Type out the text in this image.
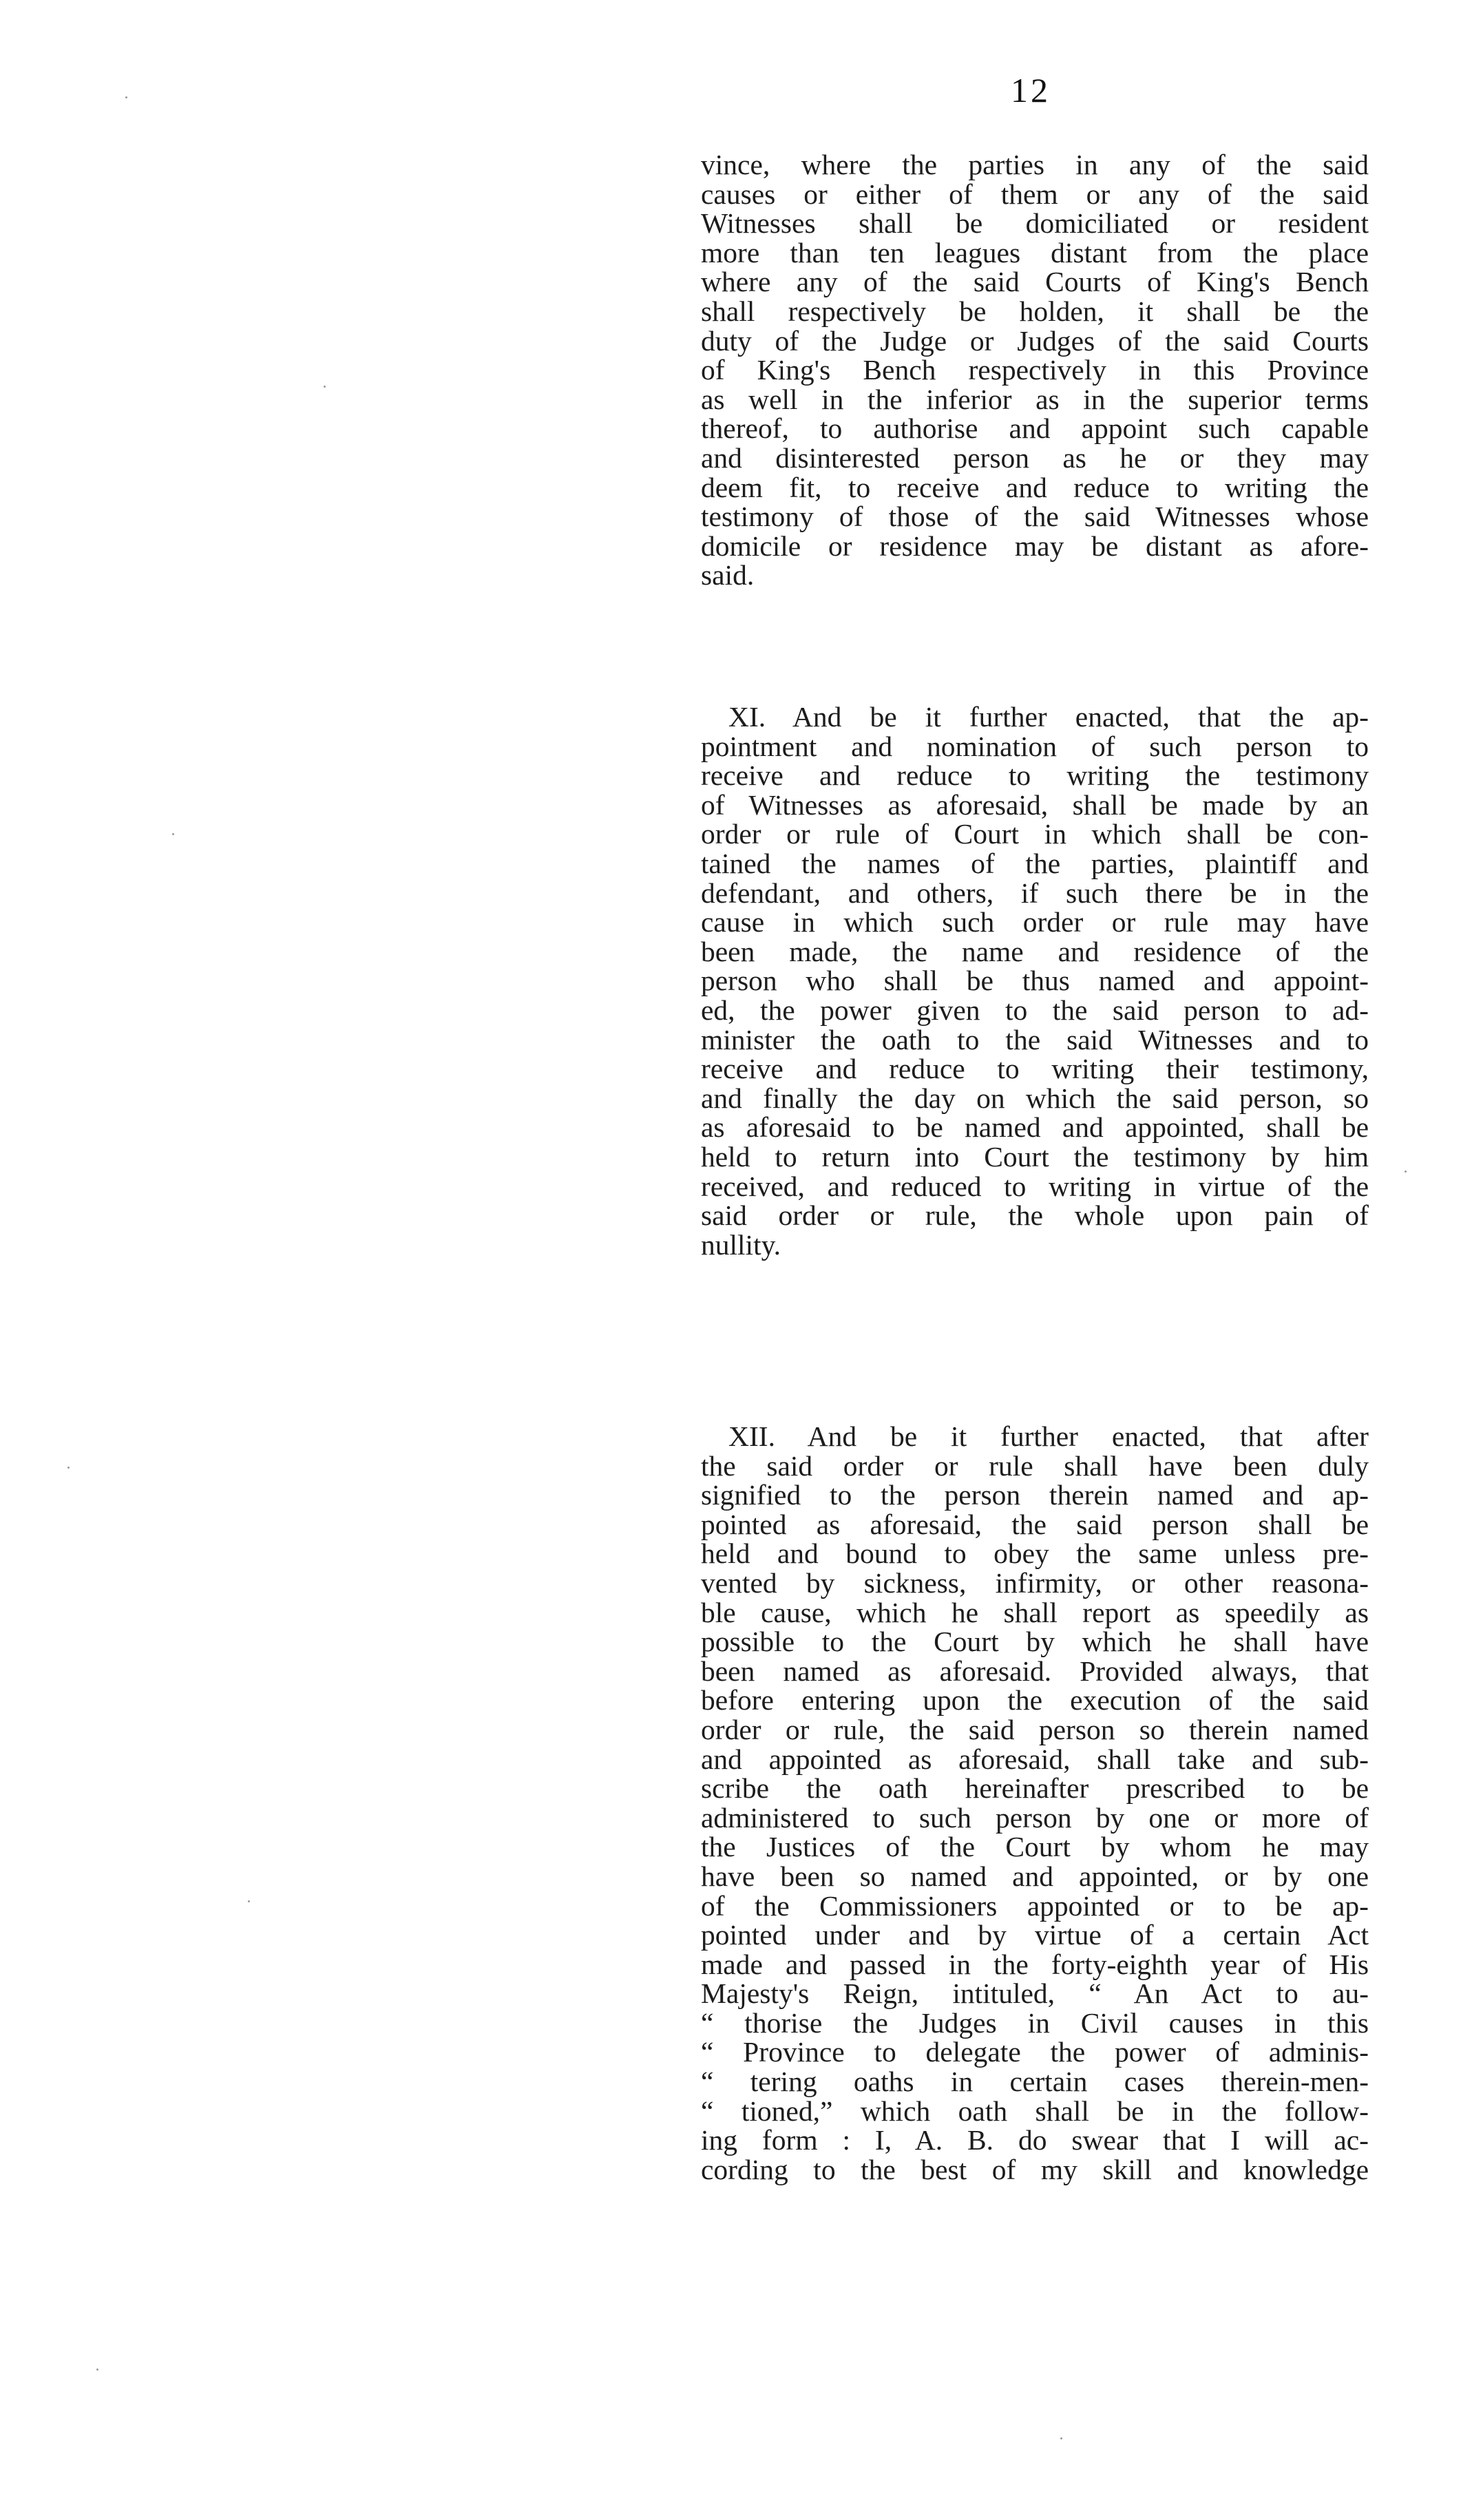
12
vince, where the parties in any of the said
causes or either of them or any of the said
Witnesses shall be domiciliated or resident
more than ten leagues distant from the place
where any of the said Courts of King's Bench
shall respectively be holden, it shall be the
duty of the Judge or Judges of the said Courts
of King's Bench respectively in this Province
as well in the inferior as in the superior terms
thereof, to authorise and appoint such capable
and disinterested person as he or they may
deem fit, to receive and reduce to writing the
testimony of those of the said Witnesses whose
domicile or residence may be distant as afore-
said.
XI. And be it further enacted, that the ap-
pointment and nomination of such person to
receive and reduce to writing the testimony
of Witnesses as aforesaid, shall be made by an
order or rule of Court in which shall be con-
tained the names of the parties, plaintiff and
defendant, and others, if such there be in the
cause in which such order or rule may have
been made, the name and residence of the
person who shall be thus named and appoint-
ed, the power given to the said person to ad-
minister the oath to the said Witnesses and to
receive and reduce to writing their testimony,
and finally the day on which the said person, so
as aforesaid to be named and appointed, shall be
held to return into Court the testimony by him
received, and reduced to writing in virtue of the
said order or rule, the whole upon pain of
nullity.
XII. And be it further enacted, that after
the said order or rule shall have been duly
signified to the person therein named and ap-
pointed as aforesaid, the said person shall be
held and bound to obey the same unless pre-
vented by sickness, infirmity, or other reasona-
ble cause, which he shall report as speedily as
possible to the Court by which he shall have
been named as aforesaid. Provided always, that
before entering upon the execution of the said
order or rule, the said person so therein named
and appointed as aforesaid, shall take and sub-
scribe the oath hereinafter prescribed to be
administered to such person by one or more of
the Justices of the Court by whom he may
have been so named and appointed, or by one
of the Commissioners appointed or to be ap-
pointed under and by virtue of a certain Act
made and passed in the forty-eighth year of His
Majesty's Reign, intituled, “ An Act to au-
“ thorise the Judges in Civil causes in this
“ Province to delegate the power of adminis-
“ tering oaths in certain cases therein-men-
“ tioned,” which oath shall be in the follow-
ing form : I, A. B. do swear that I will ac-
cording to the best of my skill and knowledge
